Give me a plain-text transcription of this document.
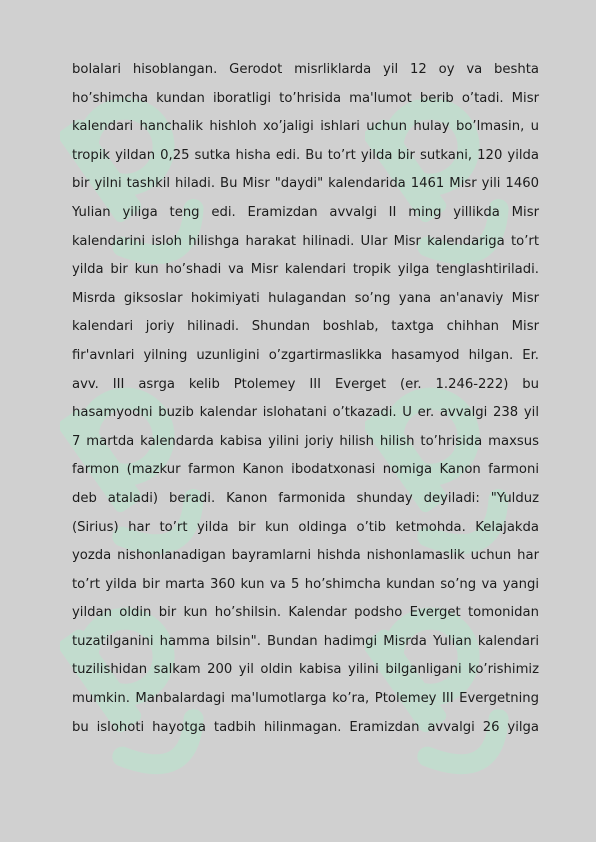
bolalari hisoblangan. Gerodot misrliklarda yil 12 oy va beshta ho’shimcha kundan iboratligi to’hrisida ma'lumot berib o’tadi. Misr kalendari hanchalik hishloh xo’jaligi ishlari uchun hulay bo’lmasin, u tropik yildan 0,25 sutka hisha edi. Bu to’rt yilda bir sutkani, 120 yilda bir yilni tashkil hiladi. Bu Misr "daydi" kalendarida 1461 Misr yili 1460 Yulian yiliga teng edi. Eramizdan avvalgi II ming yillikda Misr kalendarini isloh hilishga harakat hilinadi. Ular Misr kalendariga to’rt yilda bir kun ho’shadi va Misr kalendari tropik yilga tenglashtiriladi. Misrda giksoslar hokimiyati hulagandan so’ng yana an'anaviy Misr kalendari joriy hilinadi. Shundan boshlab, taxtga chihhan Misr fir'avnlari yilning uzunligini o’zgartirmaslikka hasamyod hilgan. Er. avv. III asrga kelib Ptolemey III Everget (er. 1.246-222) bu hasamyodni buzib kalendar islohatani o’tkazadi. U er. avvalgi 238 yil 7 martda kalendarda kabisa yilini joriy hilish hilish to’hrisida maxsus farmon (mazkur farmon Kanon ibodatxonasi nomiga Kanon farmoni deb ataladi) beradi. Kanon farmonida shunday deyiladi: "Yulduz (Sirius) har to’rt yilda bir kun oldinga o’tib ketmohda. Kelajakda yozda nishonlanadigan bayramlarni hishda nishonlamaslik uchun har to’rt yilda bir marta 360 kun va 5 ho’shimcha kundan so’ng va yangi yildan oldin bir kun ho’shilsin. Kalendar podsho Everget tomonidan tuzatilganini hamma bilsin". Bundan hadimgi Misrda Yulian kalendari tuzilishidan salkam 200 yil oldin kabisa yilini bilganligani ko’rishimiz mumkin. Manbalardagi ma'lumotlarga ko’ra, Ptolemey III Evergetning bu islohoti hayotga tadbih hilinmagan. Eramizdan avvalgi 26 yilga
